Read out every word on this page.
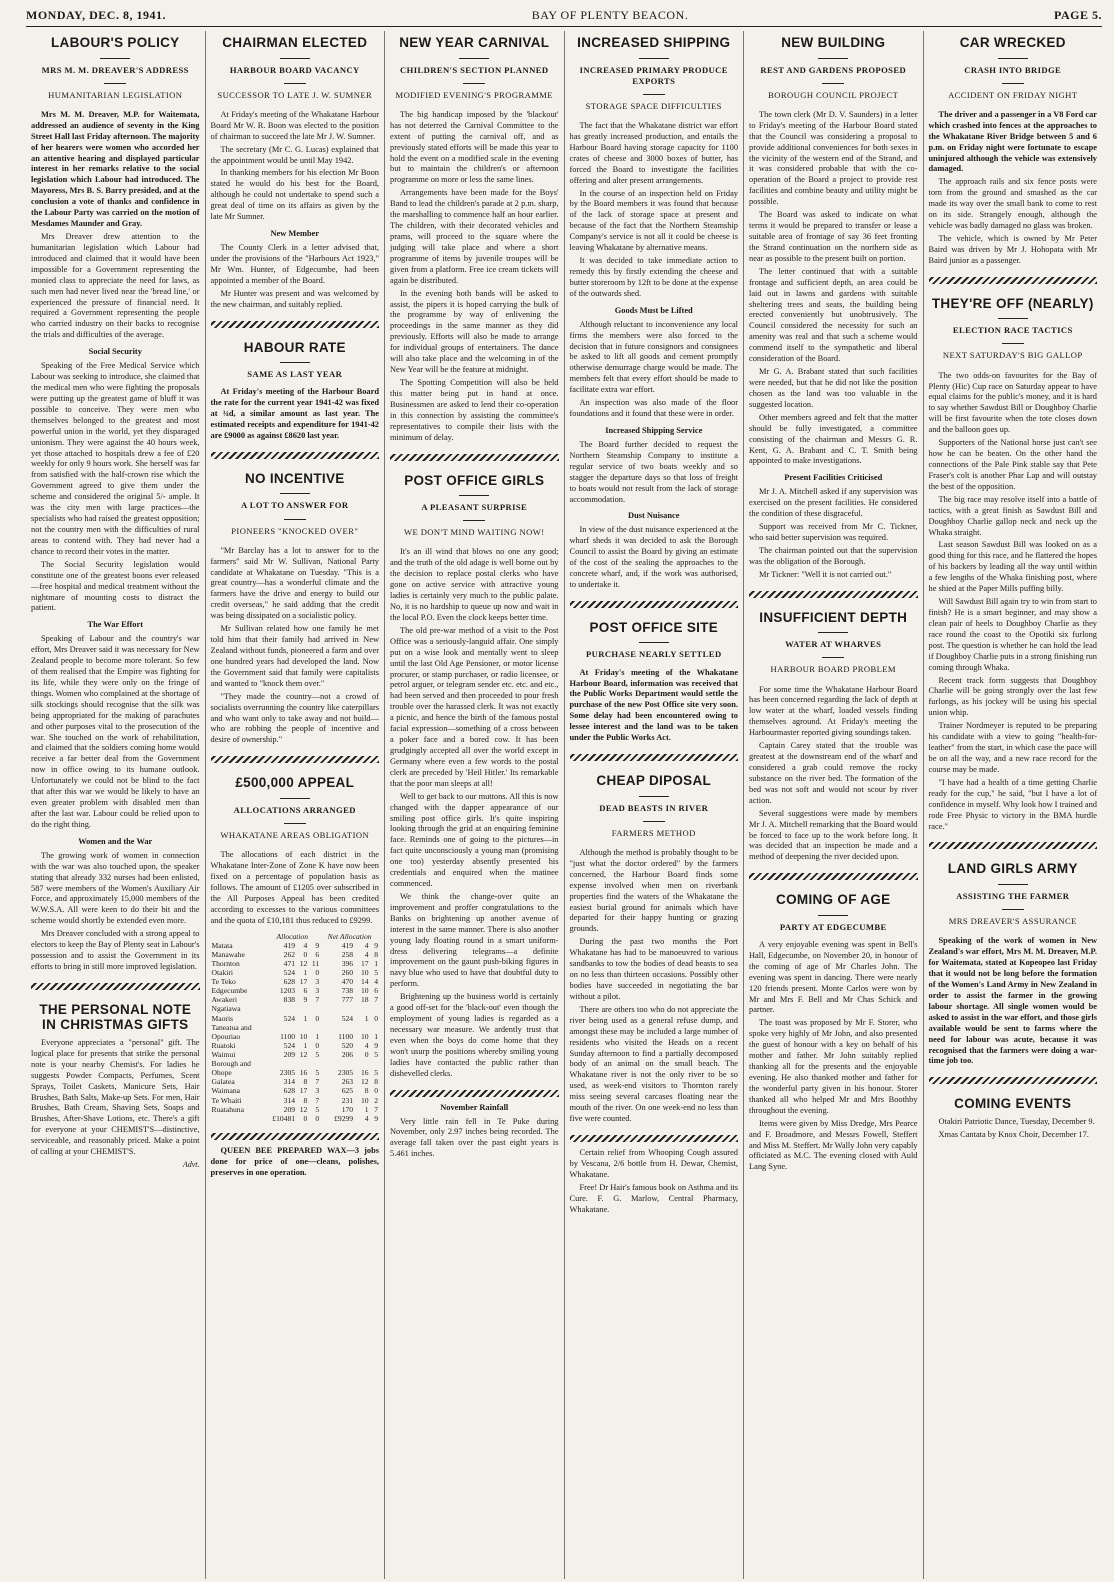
MONDAY, DEC. 8, 1941.	BAY OF PLENTY BEACON.	PAGE 5.
LABOUR'S POLICY
MRS M. M. DREAVER'S ADDRESS
HUMANITARIAN LEGISLATION

Mrs M. M. Dreaver, M.P. for Waitemata, addressed an audience of seventy in the King Street Hall last Friday afternoon. The majority of her hearers were women who accorded her an attentive hearing and displayed particular interest in her remarks relative to the social legislation which Labour had introduced. The Mayoress, Mrs B. S. Barry presided, and at the conclusion a vote of thanks and confidence in the Labour Party was carried on the motion of Mesdames Maunder and Gray.

Mrs Dreaver drew attention to the humanitarian legislation which Labour had introduced and claimed that it would have been impossible for a Government representing the monied class to appreciate the need for laws, as such men had never lived near the 'bread line,' or experienced the pressure of financial need. It required a Government representing the people who carried industry on their backs to recognise the trials and difficulties of the average.

Social Security

Speaking of the Free Medical Service which Labour was seeking to introduce, she claimed that the medical men who were fighting the proposals were putting up the greatest game of bluff it was possible to conceive. They were men who themselves belonged to the greatest and most powerful union in the world, yet they disparaged unionism. They were against the 40 hours week, yet those attached to hospitals drew a fee of £20 weekly for only 9 hours work. She herself was far from satisfied with the half-crown rise which the Government agreed to give them under the scheme and considered the original 5/- ample. It was the city men with large practices—the specialists who had raised the greatest opposition; not the country men with the difficulties of rural areas to contend with. They had never had a chance to record their votes in the matter.

The Social Security legislation would constitute one of the greatest boons ever released—free hospital and medical treatment without the nightmare of mounting costs to distract the patient.

The War Effort

Speaking of Labour and the country's war effort, Mrs Dreaver said it was necessary for New Zealand people to become more tolerant. So few of them realised that the Empire was fighting for its life, while they were only on the fringe of things. Women who complained at the shortage of silk stockings should recognise that the silk was being appropriated for the making of parachutes and other purposes vital to the prosecution of the war. She touched on the work of rehabilitation, and claimed that the soldiers coming home would receive a far better deal from the Government now in office owing to its humane outlook. Unfortunately we could not be blind to the fact that after this war we would be likely to have an even greater problem with disabled men than after the last war. Labour could be relied upon to do the right thing.

Women and the War

The growing work of women in connection with the war was also touched upon, the speaker stating that already 332 nurses had been enlisted, 587 were members of the Women's Auxiliary Air Force, and approximately 15,000 members of the W.W.S.A. All were keen to do their bit and the scheme would shortly be extended even more.

Mrs Dreaver concluded with a strong appeal to electors to keep the Bay of Plenty seat in Labour's possession and to assist the Government in its efforts to bring in still more improved legislation.

THE PERSONAL NOTE IN CHRISTMAS GIFTS

Everyone appreciates a "personal" gift. The logical place for presents that strike the personal note is your nearby Chemist's. For ladies he suggests Powder Compacts, Perfumes, Scent Sprays, Toilet Caskets, Manicure Sets, Hair Brushes, Bath Salts, Make-up Sets. For men, Hair Brushes, Bath Cream, Shaving Sets, Soaps and Brushes, After-Shave Lotions, etc. There's a gift for everyone at your CHEMIST'S—distinctive, serviceable, and reasonably priced. Make a point of calling at your CHEMIST'S.

Advt.
CHAIRMAN ELECTED
HARBOUR BOARD VACANCY
SUCCESSOR TO LATE J. W. SUMNER

At Friday's meeting of the Whakatane Harbour Board Mr W. R. Boon was elected to the position of chairman to succeed the late Mr J. W. Sumner.

The secretary (Mr C. G. Lucas) explained that the appointment would be until May 1942.

In thanking members for his election Mr Boon stated he would do his best for the Board, although he could not undertake to spend such a great deal of time on its affairs as given by the late Mr Sumner.

New Member

The County Clerk in a letter advised that, under the provisions of the "Harbours Act 1923," Mr Wm. Hunter, of Edgecumbe, had been appointed a member of the Board.

Mr Hunter was present and was welcomed by the new chairman, and suitably replied.

HABOUR RATE
SAME AS LAST YEAR

At Friday's meeting of the Harbour Board the rate for the current year 1941-42 was fixed at ¾d, a similar amount as last year. The estimated receipts and expenditure for 1941-42 are £9000 as against £8620 last year.

NO INCENTIVE
A LOT TO ANSWER FOR
PIONEERS "KNOCKED OVER"

"Mr Barclay has a lot to answer for to the farmers" said Mr W. Sullivan, National Party candidate at Whakatane on Tuesday. "This is a great country—has a wonderful climate and the farmers have the drive and energy to build our credit overseas," he said adding that the credit was being dissipated on a socialistic policy.

Mr Sullivan related how one family he met told him that their family had arrived in New Zealand without funds, pioneered a farm and over one hundred years had developed the land. Now the Government said that family were capitalists and wanted to "knock them over."

"They made the country—not a crowd of socialists overrunning the country like caterpillars and who want only to take away and not build—who are robbing the people of incentive and desire of ownership."

£500,000 APPEAL
ALLOCATIONS ARRANGED
WHAKATANE AREAS OBLIGATION

The allocations of each district in the Whakatane Inter-Zone of Zone K have now been fixed on a percentage of population basis as follows. The amount of £1205 over subscribed in the All Purposes Appeal has been credited according to excesses to the various committees and the quota of £10,181 thus reduced to £9299.

	Allocation			Net Allocation		
Matata	419	4	9	419	4	9
Manawahe	262	0	6	258	4	8
Thornton	471	12	11	396	17	1
Otakiri	524	1	0	260	10	5
Te Teko	628	17	3	470	14	4
Edgecumbe	1203	6	3	738	10	6
Awakeri	838	9	7	777	18	7
Ngatiawa						
Maoris	524	1	0	524	1	0
Taneatua and						
Opouriao	1100	10	1	1100	10	1
Ruatoki	524	1	0	520	4	9
Waimui	209	12	5	206	0	5
Borough and						
Ohope	2305	16	5	2305	16	5
Galatea	314	8	7	263	12	8
Waimana	628	17	3	625	8	0
Te Whaiti	314	8	7	231	10	2
Ruatahuna	209	12	5	170	1	7
	£10481	0	0	£9299	4	9

QUEEN BEE PREPARED WAX—3 jobs done for price of one—cleans, polishes, preserves in one operation.

NEW YEAR CARNIVAL
CHILDREN'S SECTION PLANNED
MODIFIED EVENING'S PROGRAMME

The big handicap imposed by the 'blackout' has not deterred the Carnival Committee to the extent of putting the carnival off, and as previously stated efforts will be made this year to hold the event on a modified scale in the evening but to maintain the children's or afternoon programme on more or less the same lines.

Arrangements have been made for the Boys' Band to lead the children's parade at 2 p.m. sharp, the marshalling to commence half an hour earlier. The children, with their decorated vehicles and prams, will proceed to the square where the judging will take place and where a short programme of items by juvenile troupes will be given from a platform. Free ice cream tickets will again be distributed.

In the evening both bands will be asked to assist, the pipers it is hoped carrying the bulk of the programme by way of enlivening the proceedings in the same manner as they did previously. Efforts will also be made to arrange for individual groups of entertainers. The dance will also take place and the welcoming in of the New Year will be the feature at midnight.

The Spotting Competition will also be held this matter being put in hand at once. Businessmen are asked to lend their co-operation in this connection by assisting the committee's representatives to compile their lists with the minimum of delay.

POST OFFICE GIRLS
A PLEASANT SURPRISE
WE DON'T MIND WAITING NOW!

It's an ill wind that blows no one any good; and the truth of the old adage is well borne out by the decision to replace postal clerks who have gone on active service with attractive young ladies is certainly very much to the public palate. No, it is no hardship to queue up now and wait in the local P.O. Even the clock keeps better time.

The old pre-war method of a visit to the Post Office was a seriously-languid affair. One simply put on a wise look and mentally went to sleep until the last Old Age Pensioner, or motor license procurer, or stamp purchaser, or radio licensee, or petrol arguer, or telegram sender etc. etc. and etc., had been served and then proceeded to pour fresh trouble over the harassed clerk. It was not exactly a picnic, and hence the birth of the famous postal facial expression—something of a cross between a poker face and a bored cow. It has been grudgingly accepted all over the world except in Germany where even a few words to the postal clerk are preceded by 'Heil Hitler.' Its remarkable that the poor man sleeps at all!

Well to get back to our muttons. All this is now changed with the dapper appearance of our smiling post office girls. It's quite inspiring looking through the grid at an enquiring feminine face. Reminds one of going to the pictures—in fact quite unconsciously a young man (promising one too) yesterday absently presented his credentials and enquired when the matinee commenced.

We think the change-over quite an improvement and proffer congratulations to the Banks on brightening up another avenue of interest in the same manner. There is also another young lady floating round in a smart uniform-dress delivering telegrams—a definite improvement on the gaunt push-biking figures in navy blue who used to have that doubtful duty to perform.

Brightening up the business world is certainly a good off-set for the 'black-out' even though the employment of young ladies is regarded as a necessary war measure. We ardently trust that even when the boys do come home that they won't usurp the positions whereby smiling young ladies have contacted the public rather than dishevelled clerks.

November Rainfall

Very little rain fell in Te Puke during November, only 2.97 inches being recorded. The average fall taken over the past eight years is 5.461 inches.

INCREASED SHIPPING
INCREASED PRIMARY PRODUCE EXPORTS
STORAGE SPACE DIFFICULTIES

The fact that the Whakatane district war effort has greatly increased production, and entails the Harbour Board having storage capacity for 1100 crates of cheese and 3000 boxes of butter, has forced the Board to investigate the facilities offering and alter present arrangements.

In the course of an inspection held on Friday by the Board members it was found that because of the lack of storage space at present and because of the fact that the Northern Steamship Company's service is not all it could be cheese is leaving Whakatane by alternative means.

It was decided to take immediate action to remedy this by firstly extending the cheese and butter storeroom by 12ft to be done at the expense of the outwards shed.

Goods Must be Lifted

Although reluctant to inconvenience any local firms the members were also forced to the decision that in future consignors and consignees be asked to lift all goods and cement promptly otherwise demurrage charge would be made. The members felt that every effort should be made to facilitate extra war effort.

An inspection was also made of the floor foundations and it found that these were in order.

Increased Shipping Service

The Board further decided to request the Northern Steamship Company to institute a regular service of two boats weekly and so stagger the departure days so that loss of freight to boats would not result from the lack of storage accommodation.

Dust Nuisance

In view of the dust nuisance experienced at the wharf sheds it was decided to ask the Borough Council to assist the Board by giving an estimate of the cost of the sealing the approaches to the concrete wharf, and, if the work was authorised, to undertake it.

POST OFFICE SITE
PURCHASE NEARLY SETTLED

At Friday's meeting of the Whakatane Harbour Board, information was received that the Public Works Department would settle the purchase of the new Post Office site very soon. Some delay had been encountered owing to lessee interest and the land was to be taken under the Public Works Act.

CHEAP DIPOSAL
DEAD BEASTS IN RIVER
FARMERS METHOD

Although the method is probably thought to be "just what the doctor ordered" by the farmers concerned, the Harbour Board finds some expense involved when men on riverbank properties find the waters of the Whakatane the easiest burial ground for animals which have departed for their happy hunting or grazing grounds.

During the past two months the Port Whakatane has had to be manoeuvred to various sandbanks to tow the bodies of dead beasts to sea on no less than thirteen occasions. Possibly other bodies have succeeded in negotiating the bar without a pilot.

There are others too who do not appreciate the river being used as a general refuse dump, and amongst these may be included a large number of residents who visited the Heads on a recent Sunday afternoon to find a partially decomposed body of an animal on the small beach. The Whakatane river is not the only river to be so used, as week-end visitors to Thornton rarely miss seeing several carcases floating near the mouth of the river. On one week-end no less than five were counted.

Certain relief from Whooping Cough assured by Vescana, 2/6 bottle from H. Dewar, Chemist, Whakatane.

Free! Dr Hair's famous book on Asthma and its Cure. F. G. Marlow, Central Pharmacy, Whakatane.

NEW BUILDING
REST AND GARDENS PROPOSED
BOROUGH COUNCIL PROJECT

The town clerk (Mr D. V. Saunders) in a letter to Friday's meeting of the Harbour Board stated that the Council was considering a proposal to provide additional conveniences for both sexes in the vicinity of the western end of the Strand, and it was considered probable that with the co-operation of the Board a project to provide rest facilities and combine beauty and utility might be possible.

The Board was asked to indicate on what terms it would be prepared to transfer or lease a suitable area of frontage of say 36 feet fronting the Strand continuation on the northern side as near as possible to the present built on portion.

The letter continued that with a suitable frontage and sufficient depth, an area could be laid out in lawns and gardens with suitable sheltering trees and seats, the building being erected conveniently but unobtrusively. The Council considered the necessity for such an amenity was real and that such a scheme would commend itself to the sympathetic and liberal consideration of the Board.

Mr G. A. Brabant stated that such facilities were needed, but that he did not like the position chosen as the land was too valuable in the suggested location.

Other members agreed and felt that the matter should be fully investigated, a committee consisting of the chairman and Messrs G. R. Kent, G. A. Brabant and C. T. Smith being appointed to make investigations.

Present Facilities Criticised

Mr J. A. Mitchell asked if any supervision was exercised on the present facilities. He considered the condition of these disgraceful.

Support was received from Mr C. Tickner, who said better supervision was required.

The chairman pointed out that the supervision was the obligation of the Borough.

Mr Tickner: "Well it is not carried out."

INSUFFICIENT DEPTH
WATER AT WHARVES
HARBOUR BOARD PROBLEM

For some time the Whakatane Harbour Board has been concerned regarding the lack of depth at low water at the wharf, loaded vessels finding themselves aground. At Friday's meeting the Harbourmaster reported giving soundings taken.

Captain Carey stated that the trouble was greatest at the downstream end of the wharf and considered a grab could remove the rocky substance on the river bed. The formation of the bed was not soft and would not scour by river action.

Several suggestions were made by members Mr J. A. Mitchell remarking that the Board would be forced to face up to the work before long. It was decided that an inspection be made and a method of deepening the river decided upon.

COMING OF AGE
PARTY AT EDGECUMBE

A very enjoyable evening was spent in Bell's Hall, Edgecumbe, on November 20, in honour of the coming of age of Mr Charles John. The evening was spent in dancing. There were nearly 120 friends present. Monte Carlos were won by Mr and Mrs F. Bell and Mr Chas Schick and partner.

The toast was proposed by Mr F. Storer, who spoke very highly of Mr John, and also presented the guest of honour with a key on behalf of his mother and father. Mr John suitably replied thanking all for the presents and the enjoyable evening. He also thanked mother and father for the wonderful party given in his honour. Storer thanked all who helped Mr and Mrs Boothby throughout the evening.

Items were given by Miss Dredge, Mrs Pearce and F. Broadmore, and Messrs Fowell, Steffert and Miss M. Steffert. Mr Wally John very capably officiated as M.C. The evening closed with Auld Lang Syne.

CAR WRECKED
CRASH INTO BRIDGE
ACCIDENT ON FRIDAY NIGHT

The driver and a passenger in a V8 Ford car which crashed into fences at the approaches to the Whakatane River Bridge between 5 and 6 p.m. on Friday night were fortunate to escape uninjured although the vehicle was extensively damaged.

The approach rails and six fence posts were torn from the ground and smashed as the car made its way over the small bank to come to rest on its side. Strangely enough, although the vehicle was badly damaged no glass was broken.

The vehicle, which is owned by Mr Peter Baird was driven by Mr J. Hohopata with Mr Baird junior as a passenger.

THEY'RE OFF (NEARLY)
ELECTION RACE TACTICS
NEXT SATURDAY'S BIG GALLOP

The two odds-on favourites for the Bay of Plenty (Hic) Cup race on Saturday appear to have equal claims for the public's money, and it is hard to say whether Sawdust Bill or Doughboy Charlie will be first favourite when the tote closes down and the balloon goes up.

Supporters of the National horse just can't see how he can be beaten. On the other hand the connections of the Pale Pink stable say that Pete Fraser's colt is another Phar Lap and will outstay the best of the opposition.

The big race may resolve itself into a battle of tactics, with a great finish as Sawdust Bill and Doughboy Charlie gallop neck and neck up the Whaka straight.

Last season Sawdust Bill was looked on as a good thing for this race, and he flattered the hopes of his backers by leading all the way until within a few lengths of the Whaka finishing post, where he shied at the Paper Mills puffing billy.

Will Sawdust Bill again try to win from start to finish? He is a smart beginner, and may show a clean pair of heels to Doughboy Charlie as they race round the coast to the Opotiki six furlong post. The question is whether he can hold the lead if Doughboy Charlie puts in a strong finishing run coming through Whaka.

Recent track form suggests that Doughboy Charlie will be going strongly over the last few furlongs, as his jockey will be using his special union whip.

Trainer Nordmeyer is reputed to be preparing his candidate with a view to going "health-for-leather" from the start, in which case the pace will be on all the way, and a new race record for the course may be made.

"I have had a health of a time getting Charlie ready for the cup," he said, "but I have a lot of confidence in myself. Why look how I trained and rode Free Physic to victory in the BMA hurdle race."

LAND GIRLS ARMY
ASSISTING THE FARMER
MRS DREAVER'S ASSURANCE

Speaking of the work of women in New Zealand's war effort, Mrs M. M. Dreaver, M.P. for Waitemata, stated at Kopeopeo last Friday that it would not be long before the formation of the Women's Land Army in New Zealand in order to assist the farmer in the growing labour shortage. All single women would be asked to assist in the war effort, and those girls available would be sent to farms where the need for labour was acute, because it was recognised that the farmers were doing a war-time job too.

COMING EVENTS

Otakiri Patriotic Dance, Tuesday, December 9.

Xmas Cantata by Knox Choir, December 17.
